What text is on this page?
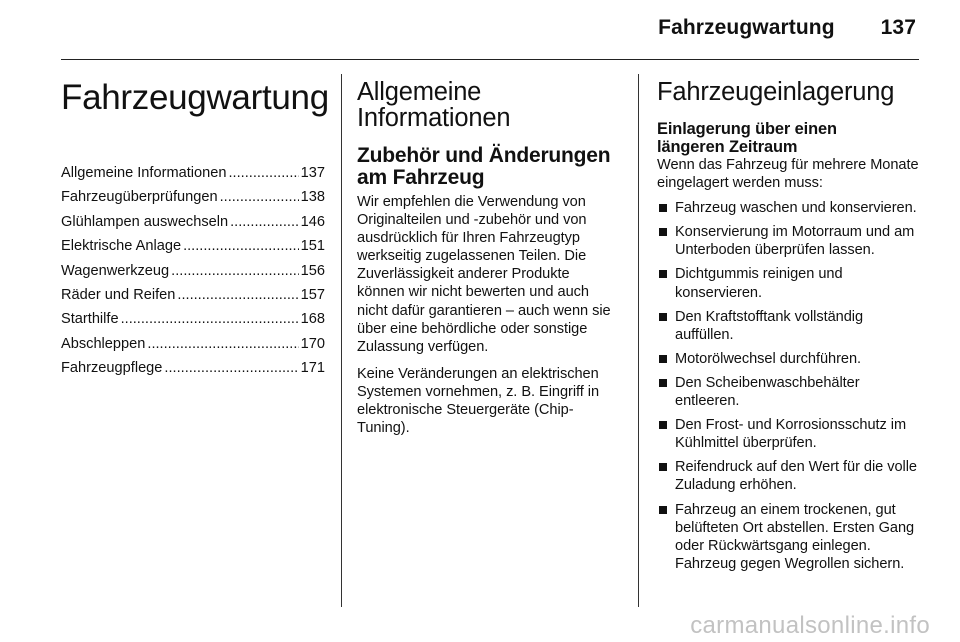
Fahrzeugwartung 137
Fahrzeugwartung
Allgemeine Informationen .....	137
Fahrzeugüberprüfungen .....	138
Glühlampen auswechseln .....	146
Elektrische Anlage .....	151
Wagenwerkzeug .....	156
Räder und Reifen .....	157
Starthilfe .....	168
Abschleppen .....	170
Fahrzeugpflege .....	171
Allgemeine Informationen
Zubehör und Änderungen am Fahrzeug

Wir empfehlen die Verwendung von Originalteilen und -zubehör und von ausdrücklich für Ihren Fahrzeugtyp werkseitig zugelassenen Teilen. Die Zuverlässigkeit anderer Produkte können wir nicht bewerten und auch nicht dafür garantieren – auch wenn sie über eine behördliche oder sonstige Zulassung verfügen.

Keine Veränderungen an elektrischen Systemen vornehmen, z. B. Eingriff in elektronische Steuergeräte (Chip-Tuning).

Fahrzeugeinlagerung
Einlagerung über einen längeren Zeitraum

Wenn das Fahrzeug für mehrere Monate eingelagert werden muss:

Fahrzeug waschen und konservieren.
Konservierung im Motorraum und am Unterboden überprüfen lassen.
Dichtgummis reinigen und konservieren.
Den Kraftstofftank vollständig auffüllen.
Motorölwechsel durchführen.
Den Scheibenwaschbehälter entleeren.
Den Frost- und Korrosionsschutz im Kühlmittel überprüfen.
Reifendruck auf den Wert für die volle Zuladung erhöhen.
Fahrzeug an einem trockenen, gut belüfteten Ort abstellen. Ersten Gang oder Rückwärtsgang einlegen. Fahrzeug gegen Wegrollen sichern.
carmanualsonline.info
